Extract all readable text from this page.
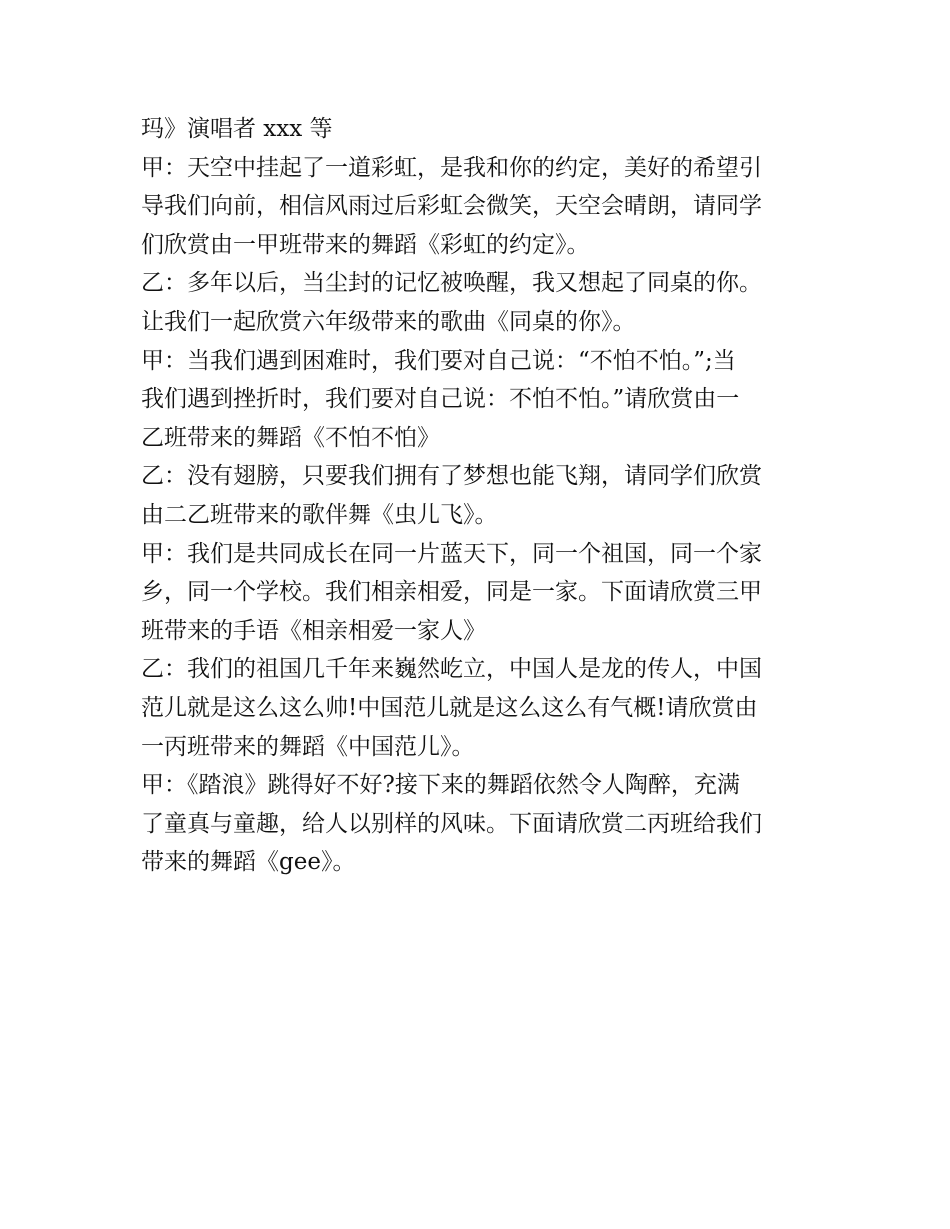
玛》演唱者 xxx 等
甲：天空中挂起了一道彩虹，是我和你的约定，美好的希望引
导我们向前，相信风雨过后彩虹会微笑，天空会晴朗，请同学
们欣赏由一甲班带来的舞蹈《彩虹的约定》。
乙：多年以后，当尘封的记忆被唤醒，我又想起了同桌的你。
让我们一起欣赏六年级带来的歌曲《同桌的你》。
甲：当我们遇到困难时，我们要对自己说：“不怕不怕。”;当
我们遇到挫折时，我们要对自己说：不怕不怕。”请欣赏由一
乙班带来的舞蹈《不怕不怕》
乙：没有翅膀，只要我们拥有了梦想也能飞翔，请同学们欣赏
由二乙班带来的歌伴舞《虫儿飞》。
甲：我们是共同成长在同一片蓝天下，同一个祖国，同一个家
乡，同一个学校。我们相亲相爱，同是一家。下面请欣赏三甲
班带来的手语《相亲相爱一家人》
乙：我们的祖国几千年来巍然屹立，中国人是龙的传人，中国
范儿就是这么这么帅!中国范儿就是这么这么有气概!请欣赏由
一丙班带来的舞蹈《中国范儿》。
甲：《踏浪》跳得好不好?接下来的舞蹈依然令人陶醉，充满
了童真与童趣，给人以别样的风味。下面请欣赏二丙班给我们
带来的舞蹈《gee》。
